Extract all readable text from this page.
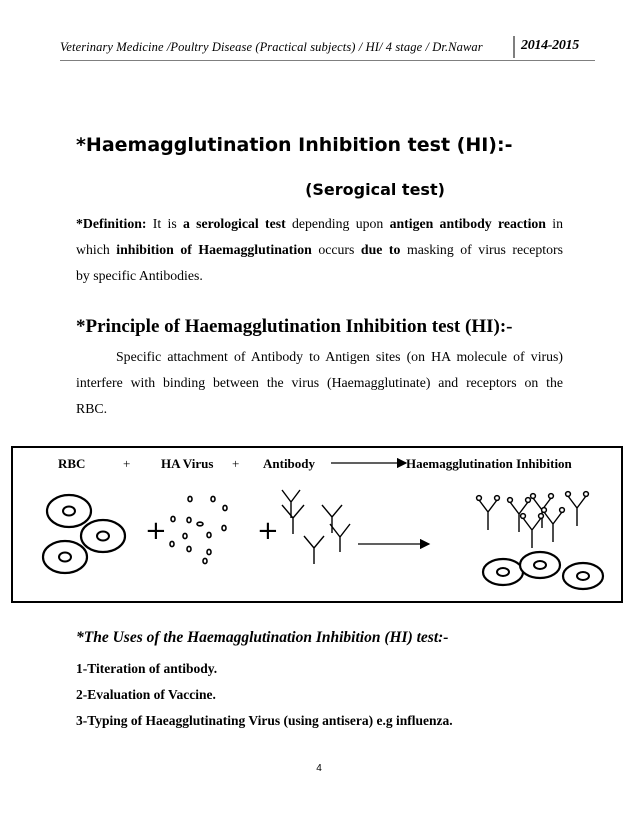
Veterinary Medicine /Poultry Disease (Practical subjects) / HI/ 4 stage / Dr.Nawar	2014-2015
*Haemagglutination Inhibition test (HI):-
(Serogical test)
*Definition: It is a serological test depending upon antigen antibody reaction in
which inhibition of Haemagglutination occurs due to masking of virus receptors
by specific Antibodies.
*Principle of Haemagglutination Inhibition test (HI):-
Specific attachment of Antibody to Antigen sites (on HA molecule of virus)
interfere with binding between the virus (Haemagglutinate) and receptors on the
RBC.
RBC	+ HA Virus + Antibody	Haemagglutination Inhibition
+	+
*The Uses of the Haemagglutination Inhibition (HI) test:-
1-Titeration of antibody.
2-Evaluation of Vaccine.
3-Typing of Haeagglutinating Virus (using antisera) e.g influenza.
4
